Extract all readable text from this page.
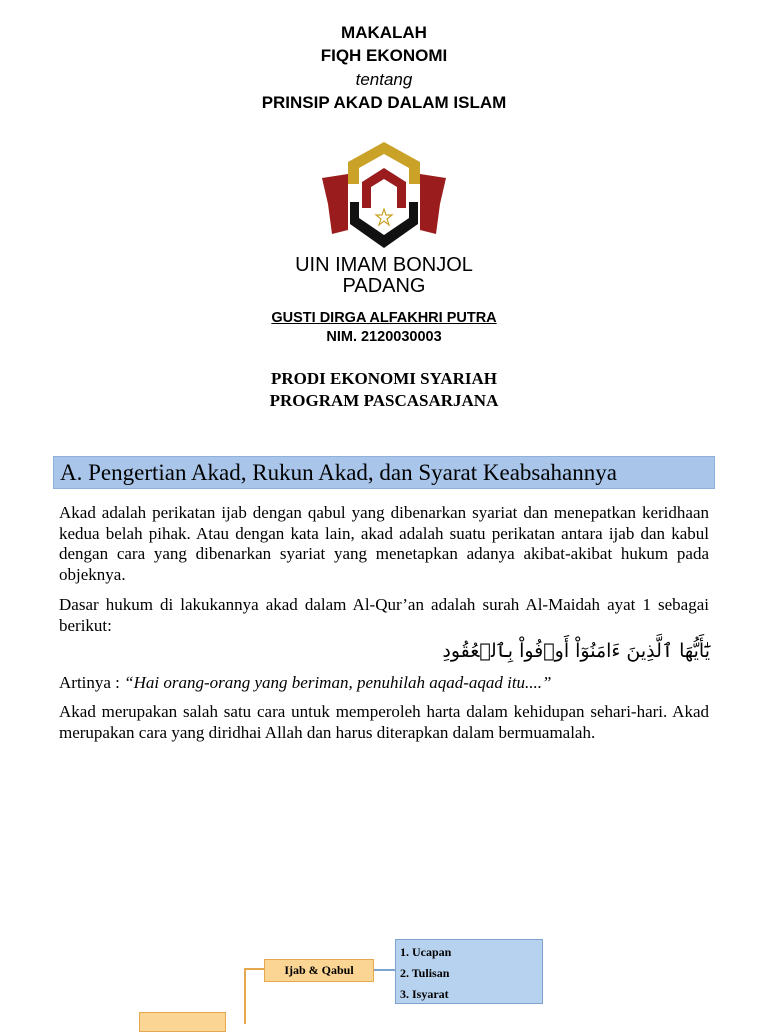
MAKALAH
FIQH EKONOMI
tentang
PRINSIP AKAD DALAM ISLAM
UIN IMAM BONJOL
PADANG
GUSTI DIRGA ALFAKHRI PUTRA
NIM. 2120030003
PRODI EKONOMI SYARIAH
PROGRAM PASCASARJANA
A. Pengertian Akad, Rukun Akad, dan Syarat Keabsahannya

Akad adalah perikatan ijab dengan qabul yang dibenarkan syariat dan menepatkan keridhaan kedua belah pihak. Atau dengan kata lain, akad adalah suatu perikatan antara ijab dan kabul dengan cara yang dibenarkan syariat yang menetapkan adanya akibat-akibat hukum pada objeknya.

Dasar hukum di lakukannya akad dalam Al-Qur’an adalah surah Al-Maidah ayat 1 sebagai berikut:

يَٰٓأَيُّهَا ٱلَّذِينَ ءَامَنُوٓاْ أَوۡفُواْ بِٱلۡعُقُودِ

Artinya : “Hai orang-orang yang beriman, penuhilah aqad-aqad itu....”

Akad merupakan salah satu cara untuk memperoleh harta dalam kehidupan sehari-hari. Akad merupakan cara yang diridhai Allah dan harus diterapkan dalam bermuamalah.

Ijab & Qabul
1. Ucapan
2. Tulisan
3. Isyarat
